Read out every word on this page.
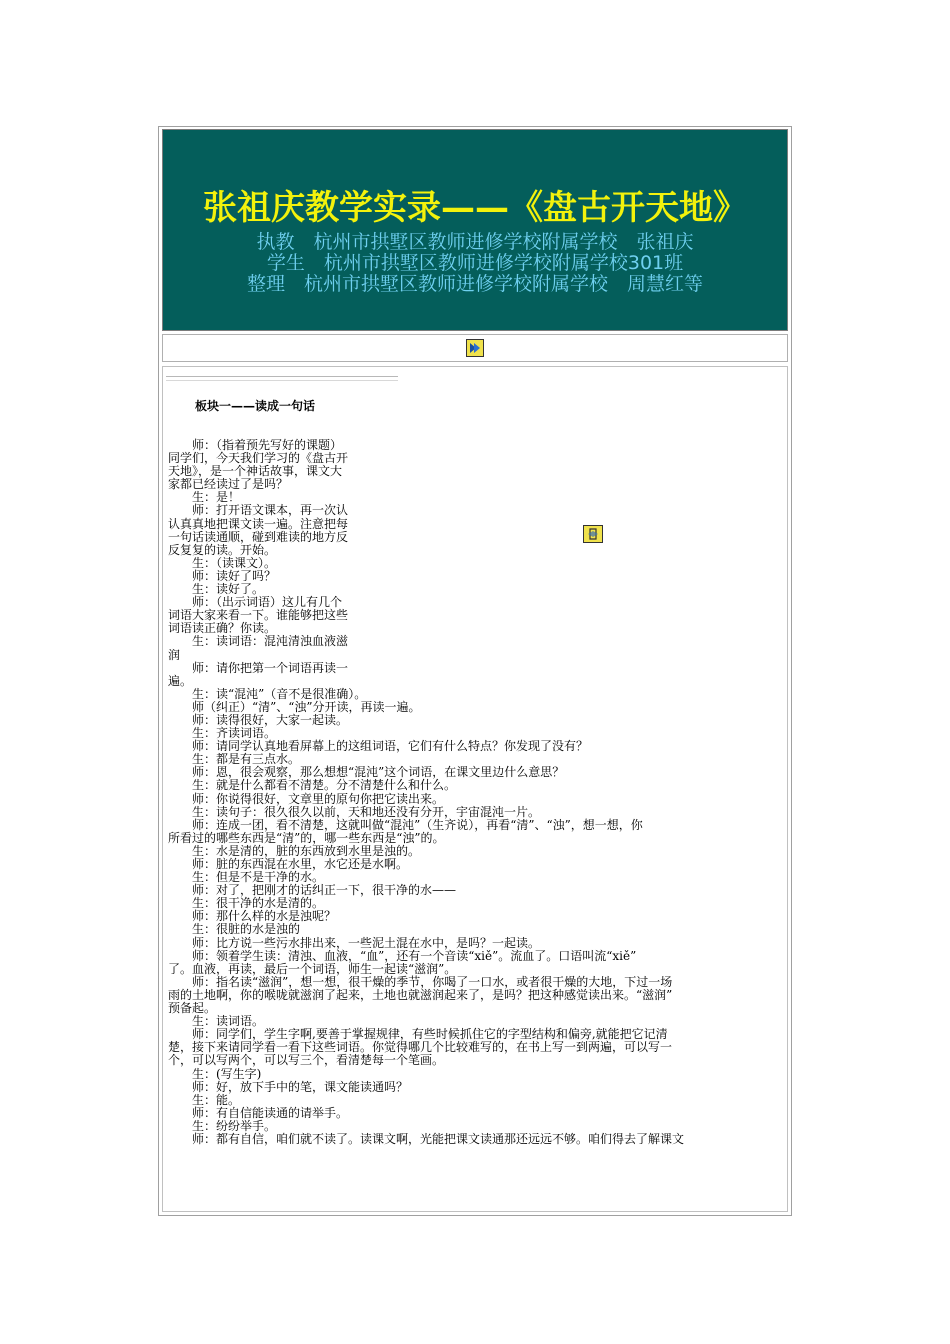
张祖庆教学实录——《盘古开天地》
执教　杭州市拱墅区教师进修学校附属学校　张祖庆
学生　杭州市拱墅区教师进修学校附属学校301班
整理　杭州市拱墅区教师进修学校附属学校　周慧红等
板块一——读成一句话
　　师：（指着预先写好的课题）
同学们，今天我们学习的《盘古开
天地》，是一个神话故事，课文大
家都已经读过了是吗？
　　生：是！
　　师：打开语文课本，再一次认
认真真地把课文读一遍。注意把每
一句话读通顺，碰到难读的地方反
反复复的读。开始。
　　生：（读课文）。
　　师：读好了吗？
　　生：读好了。
　　师：（出示词语）这儿有几个
词语大家来看一下。谁能够把这些
词语读正确？你读。
　　生：读词语：混沌清浊血液滋
润
　　师：请你把第一个词语再读一
遍。
　　生：读“混沌”（音不是很准确）。
　　师（纠正）“清”、“浊”分开读，再读一遍。
　　师：读得很好，大家一起读。
　　生：齐读词语。
　　师：请同学认真地看屏幕上的这组词语，它们有什么特点？你发现了没有？
　　生：都是有三点水。
　　师：恩，很会观察，那么想想“混沌”这个词语，在课文里边什么意思？
　　生：就是什么都看不清楚。分不清楚什么和什么。
　　师：你说得很好，文章里的原句你把它读出来。
　　生：读句子：很久很久以前，天和地还没有分开，宇宙混沌一片。
　　师：连成一团，看不清楚，这就叫做“混沌”（生齐说），再看“清”、“浊”，想一想，你
所看过的哪些东西是“清”的，哪一些东西是“浊”的。
　　生：水是清的，脏的东西放到水里是浊的。
　　师：脏的东西混在水里，水它还是水啊。
　　生：但是不是干净的水。
　　师：对了，把刚才的话纠正一下，很干净的水——
　　生：很干净的水是清的。
　　师：那什么样的水是浊呢？
　　生：很脏的水是浊的
　　师：比方说一些污水排出来，一些泥土混在水中，是吗？一起读。
　　师：领着学生读：清浊、血液，“血”，还有一个音读“xiě”。流血了。口语叫流“xiě”
了。血液，再读，最后一个词语，师生一起读“滋润”。
　　师：指名读“滋润”，想一想，很干燥的季节，你喝了一口水，或者很干燥的大地，下过一场
雨的土地啊，你的喉咙就滋润了起来，土地也就滋润起来了，是吗？把这种感觉读出来。“滋润”
预备起。
　　生：读词语。
　　师：同学们，学生字啊,要善于掌握规律，有些时候抓住它的字型结构和偏旁,就能把它记清
楚，接下来请同学看一看下这些词语。你觉得哪几个比较难写的，在书上写一到两遍，可以写一
个，可以写两个，可以写三个，看清楚每一个笔画。
　　生：(写生字)
　　师：好，放下手中的笔，课文能读通吗？
　　生：能。
　　师：有自信能读通的请举手。
　　生：纷纷举手。
　　师：都有自信，咱们就不读了。读课文啊，光能把课文读通那还远远不够。咱们得去了解课文
